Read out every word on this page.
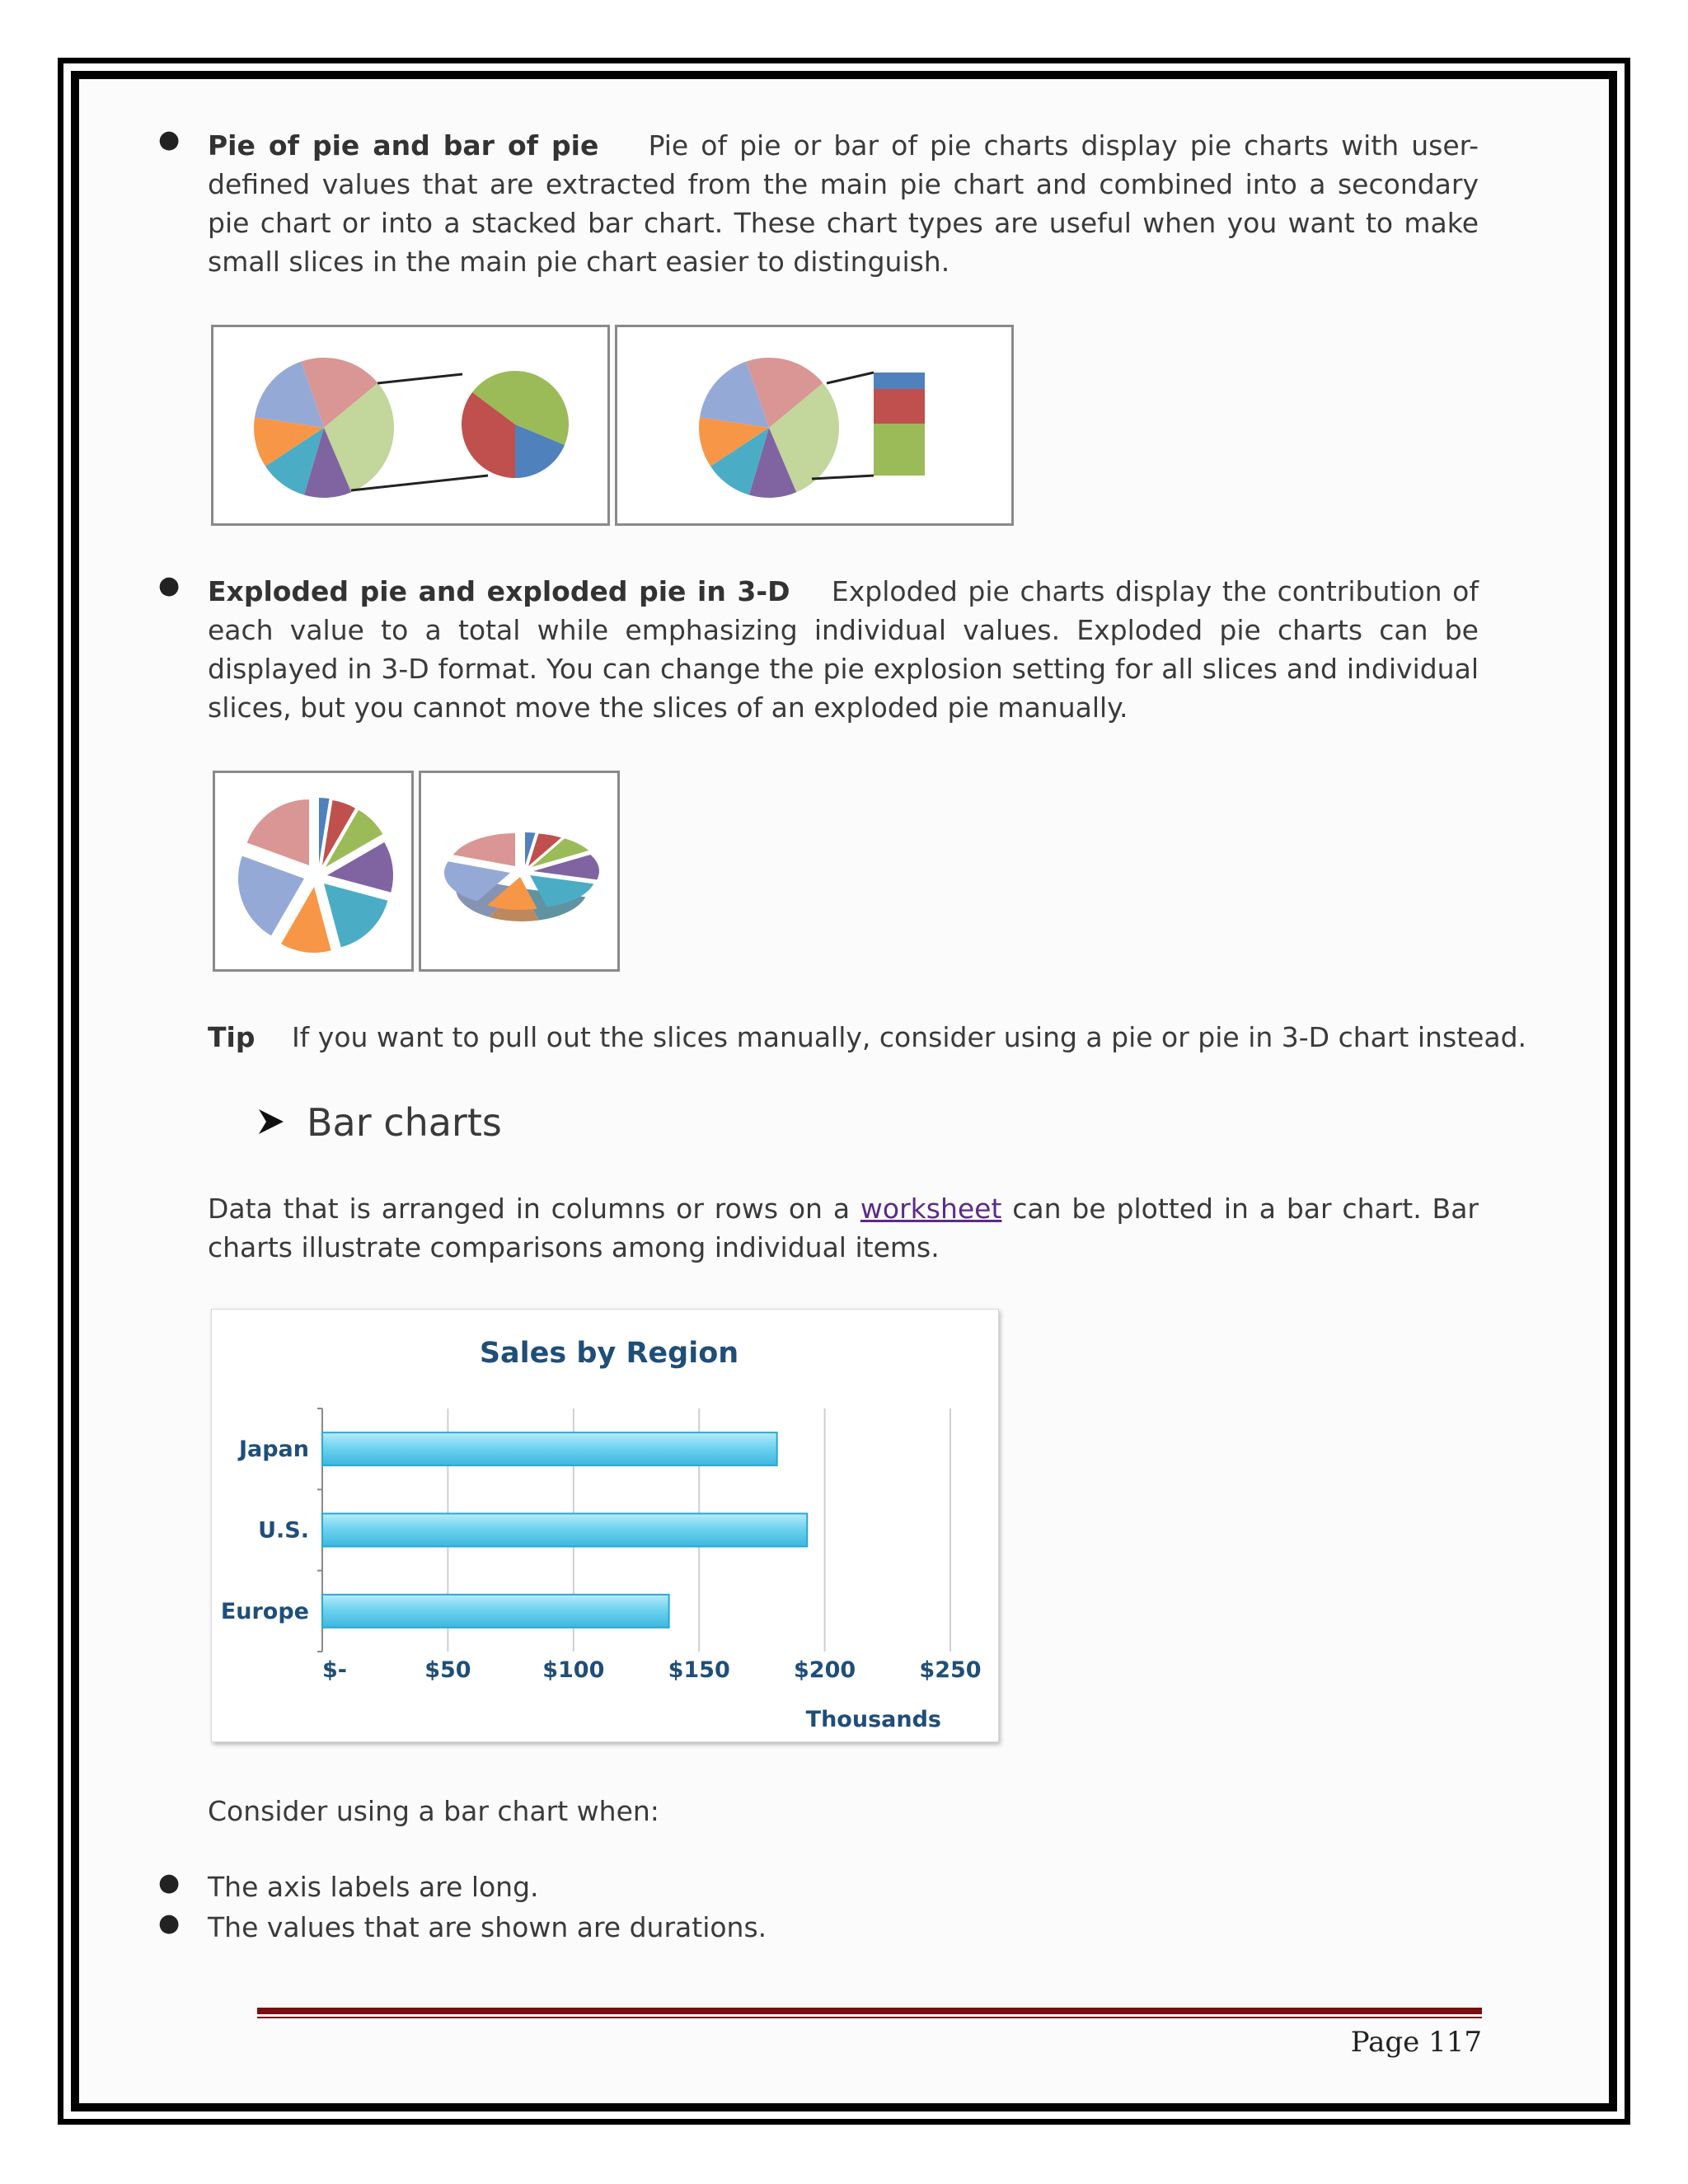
● Pie of pie and bar of pie Pie of pie or bar of pie charts display pie charts with user-defined values that are extracted from the main pie chart and combined into a secondary pie chart or into a stacked bar chart. These chart types are useful when you want to make small slices in the main pie chart easier to distinguish.
● Exploded pie and exploded pie in 3-D Exploded pie charts display the contribution of each value to a total while emphasizing individual values. Exploded pie charts can be displayed in 3-D format. You can change the pie explosion setting for all slices and individual slices, but you cannot move the slices of an exploded pie manually.
Tip If you want to pull out the slices manually, consider using a pie or pie in 3-D chart instead.
Bar charts
Data that is arranged in columns or rows on a worksheet can be plotted in a bar chart. Bar charts illustrate comparisons among individual items.
Sales by Region
$-	$50	$100	$150	$200	$250
Japan
U.S.
Europe
Thousands
Consider using a bar chart when:
● The axis labels are long.
● The values that are shown are durations.
Page 117
